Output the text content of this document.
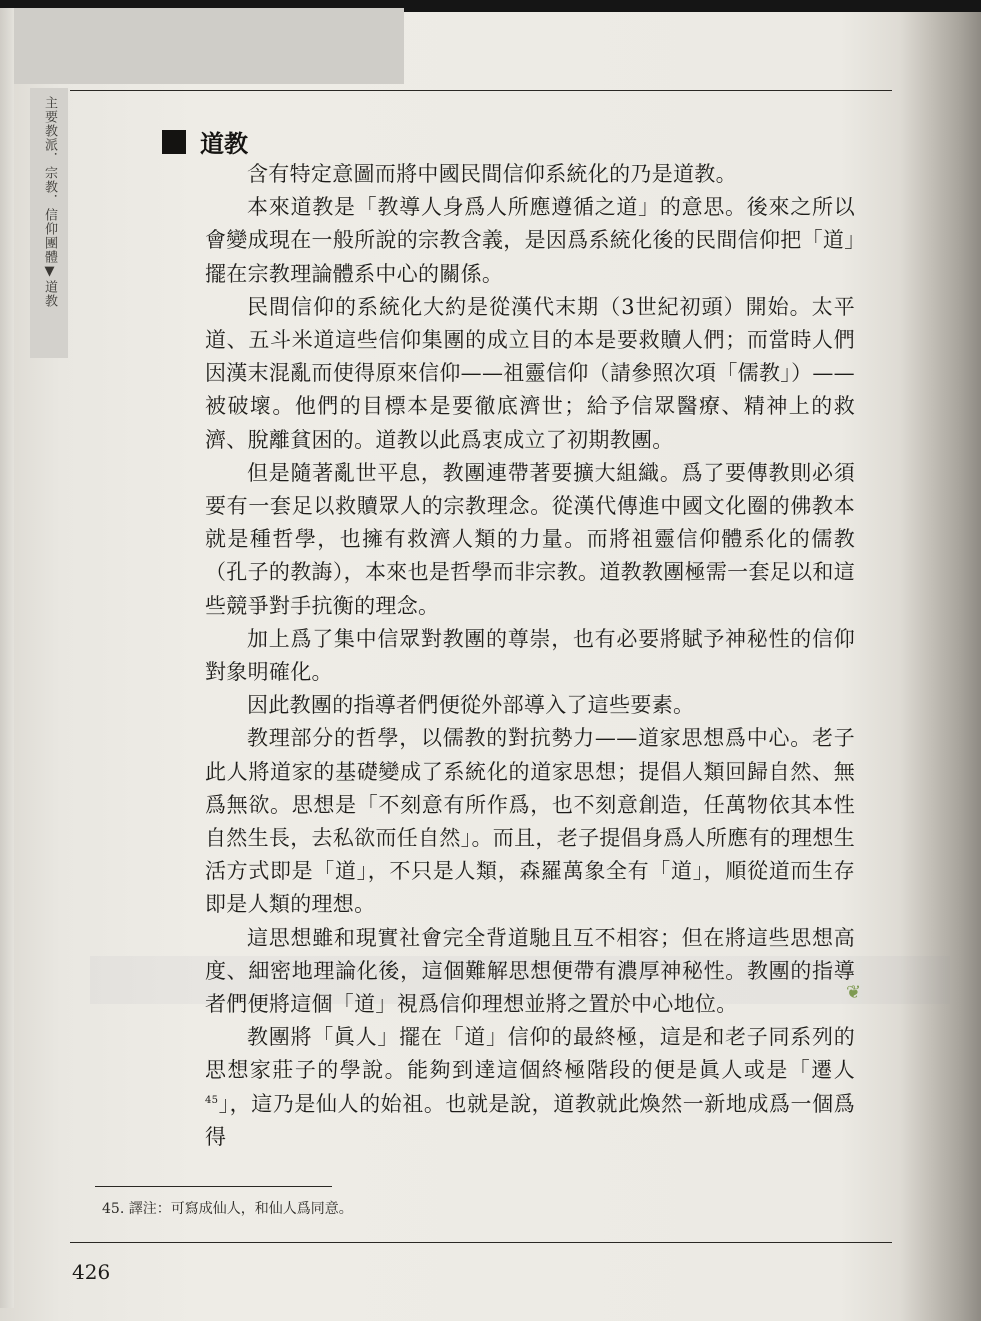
主要教派．宗教．信仰團體▼道教
❦
道教

含有特定意圖而將中國民間信仰系統化的乃是道教。

本來道教是「教導人身爲人所應遵循之道」的意思。後來之所以會變成現在一般所說的宗教含義，是因爲系統化後的民間信仰把「道」擺在宗教理論體系中心的關係。

民間信仰的系統化大約是從漢代末期（3世紀初頭）開始。太平道、五斗米道這些信仰集團的成立目的本是要救贖人們；而當時人們因漢末混亂而使得原來信仰——祖靈信仰（請參照次項「儒教」）——被破壞。他們的目標本是要徹底濟世；給予信眾醫療、精神上的救濟、脫離貧困的。道教以此爲衷成立了初期教團。

但是隨著亂世平息，教團連帶著要擴大組織。爲了要傳教則必須要有一套足以救贖眾人的宗教理念。從漢代傳進中國文化圈的佛教本就是種哲學，也擁有救濟人類的力量。而將祖靈信仰體系化的儒教（孔子的教誨），本來也是哲學而非宗教。道教教團極需一套足以和這些競爭對手抗衡的理念。

加上爲了集中信眾對教團的尊崇，也有必要將賦予神秘性的信仰對象明確化。

因此教團的指導者們便從外部導入了這些要素。

教理部分的哲學，以儒教的對抗勢力——道家思想爲中心。老子此人將道家的基礎變成了系統化的道家思想；提倡人類回歸自然、無爲無欲。思想是「不刻意有所作爲，也不刻意創造，任萬物依其本性自然生長，去私欲而任自然」。而且，老子提倡身爲人所應有的理想生活方式即是「道」，不只是人類，森羅萬象全有「道」，順從道而生存即是人類的理想。

這思想雖和現實社會完全背道馳且互不相容；但在將這些思想高度、細密地理論化後，這個難解思想便帶有濃厚神秘性。教團的指導者們便將這個「道」視爲信仰理想並將之置於中心地位。

教團將「眞人」擺在「道」信仰的最終極，這是和老子同系列的思想家莊子的學說。能夠到達這個終極階段的便是眞人或是「遷人$^{45}$」，這乃是仙人的始祖。也就是說，道教就此煥然一新地成爲一個爲得

45. 譯注：可寫成仙人，和仙人爲同意。
426
